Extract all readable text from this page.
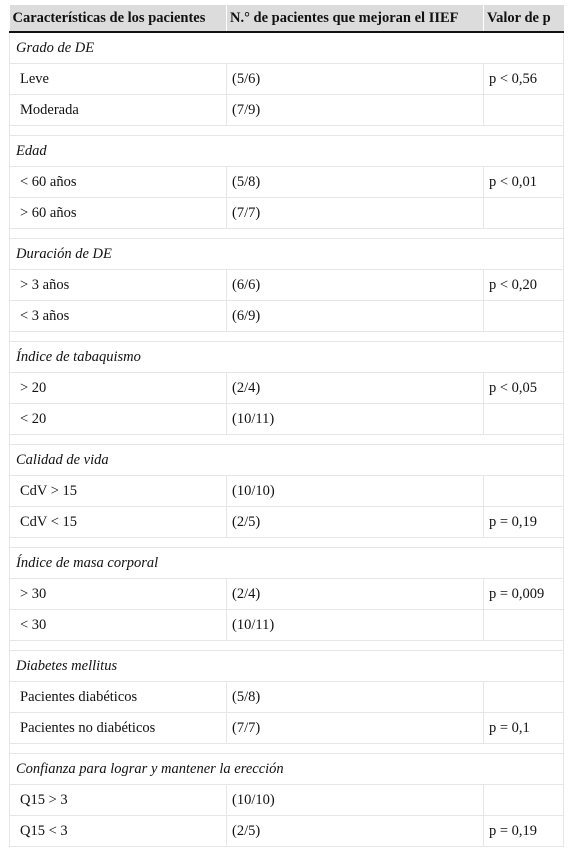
Características de los pacientes	N.° de pacientes que mejoran el IIEF	Valor de p
Grado de DE		
Leve	(5/6)	p < 0,56
Moderada	(7/9)	

Edad		
< 60 años	(5/8)	p < 0,01
> 60 años	(7/7)	

Duración de DE		
> 3 años	(6/6)	p < 0,20
< 3 años	(6/9)	

Índice de tabaquismo		
> 20	(2/4)	p < 0,05
< 20	(10/11)	

Calidad de vida		
CdV > 15	(10/10)	
CdV < 15	(2/5)	p = 0,19

Índice de masa corporal		
> 30	(2/4)	p = 0,009
< 30	(10/11)	

Diabetes mellitus		
Pacientes diabéticos	(5/8)	
Pacientes no diabéticos	(7/7)	p = 0,1

Confianza para lograr y mantener la erección		
Q15 > 3	(10/10)	
Q15 < 3	(2/5)	p = 0,19
